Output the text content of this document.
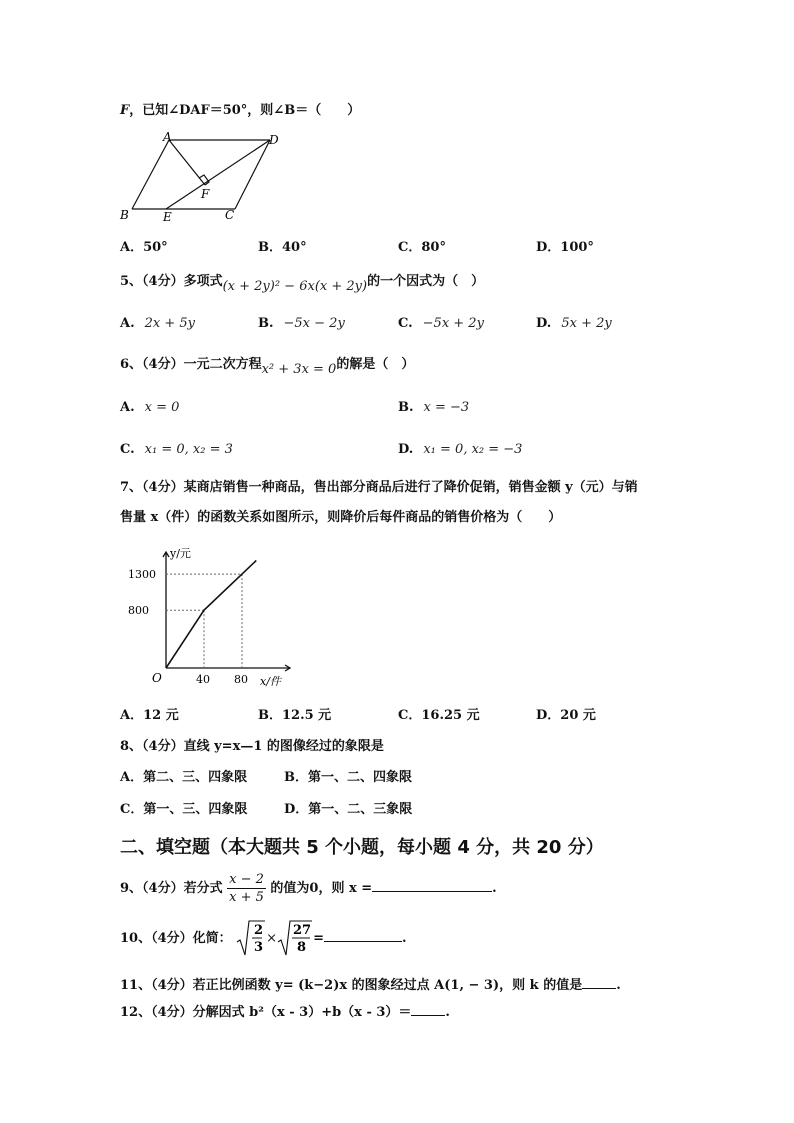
F，已知∠DAF＝50°，则∠B＝（　　）
A	D
F
B	E	C
A．50°	B．40°	C．80°	D．100°
5、（4分）多项式(x + 2y)² − 6x(x + 2y)的一个因式为（　）
A. 2x + 5y	B. −5x − 2y	C. −5x + 2y	D. 5x + 2y
6、（4分）一元二次方程x² + 3x = 0的解是（　）
A. x = 0	B. x = −3
C. x₁ = 0, x₂ = 3	D. x₁ = 0, x₂ = −3
7、（4分）某商店销售一种商品，售出部分商品后进行了降价促销，销售金额 y（元）与销
售量 x（件）的函数关系如图所示，则降价后每件商品的销售价格为（　　）
40 80
800
1300
y/元
x/件
O
A．12 元	B．12.5 元	C．16.25 元	D．20 元
8、（4分）直线 y=x—1 的图像经过的象限是
A．第二、三、四象限	B．第一、二、四象限
C．第一、三、四象限	D．第一、二、三象限
二、填空题（本大题共 5 个小题，每小题 4 分，共 20 分）
9、（4分）若分式 $\frac{x - 2}{x + 5}$ 的值为0，则 x =	.
10、（4分）化简：
2
3
×
27
8
=	.
11、（4分）若正比例函数 y= (k−2)x 的图象经过点 A(1, − 3)，则 k 的值是	.
12、（4分）分解因式 b²（x - 3）+b（x - 3）＝	.
